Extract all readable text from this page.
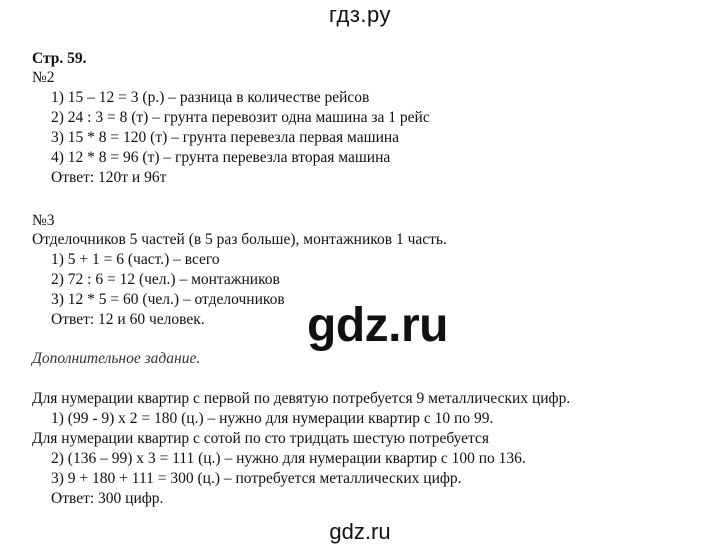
гдз.ру
Стр. 59.
№2
1) 15 – 12 = 3 (р.) – разница в количестве рейсов
2) 24 : 3 = 8 (т) – грунта перевозит одна машина за 1 рейс
3) 15 * 8 = 120 (т) – грунта перевезла первая машина
4) 12 * 8 = 96 (т) – грунта перевезла вторая машина
Ответ: 120т и 96т
№3
Отделочников 5 частей (в 5 раз больше), монтажников 1 часть.
1) 5 + 1 = 6 (част.) – всего
2) 72 : 6 = 12 (чел.) – монтажников
3) 12 * 5 = 60 (чел.) – отделочников
Ответ: 12 и 60 человек. gdz.ru
Дополнительное задание.
Для нумерации квартир с первой по девятую потребуется 9 металлических цифр.
1) (99 - 9) х 2 = 180 (ц.) – нужно для нумерации квартир с 10 по 99.
Для нумерации квартир с сотой по сто тридцать шестую потребуется
2) (136 – 99) х 3 = 111 (ц.) – нужно для нумерации квартир с 100 по 136.
3) 9 + 180 + 111 = 300 (ц.) – потребуется металлических цифр.
Ответ: 300 цифр.
gdz.ru
